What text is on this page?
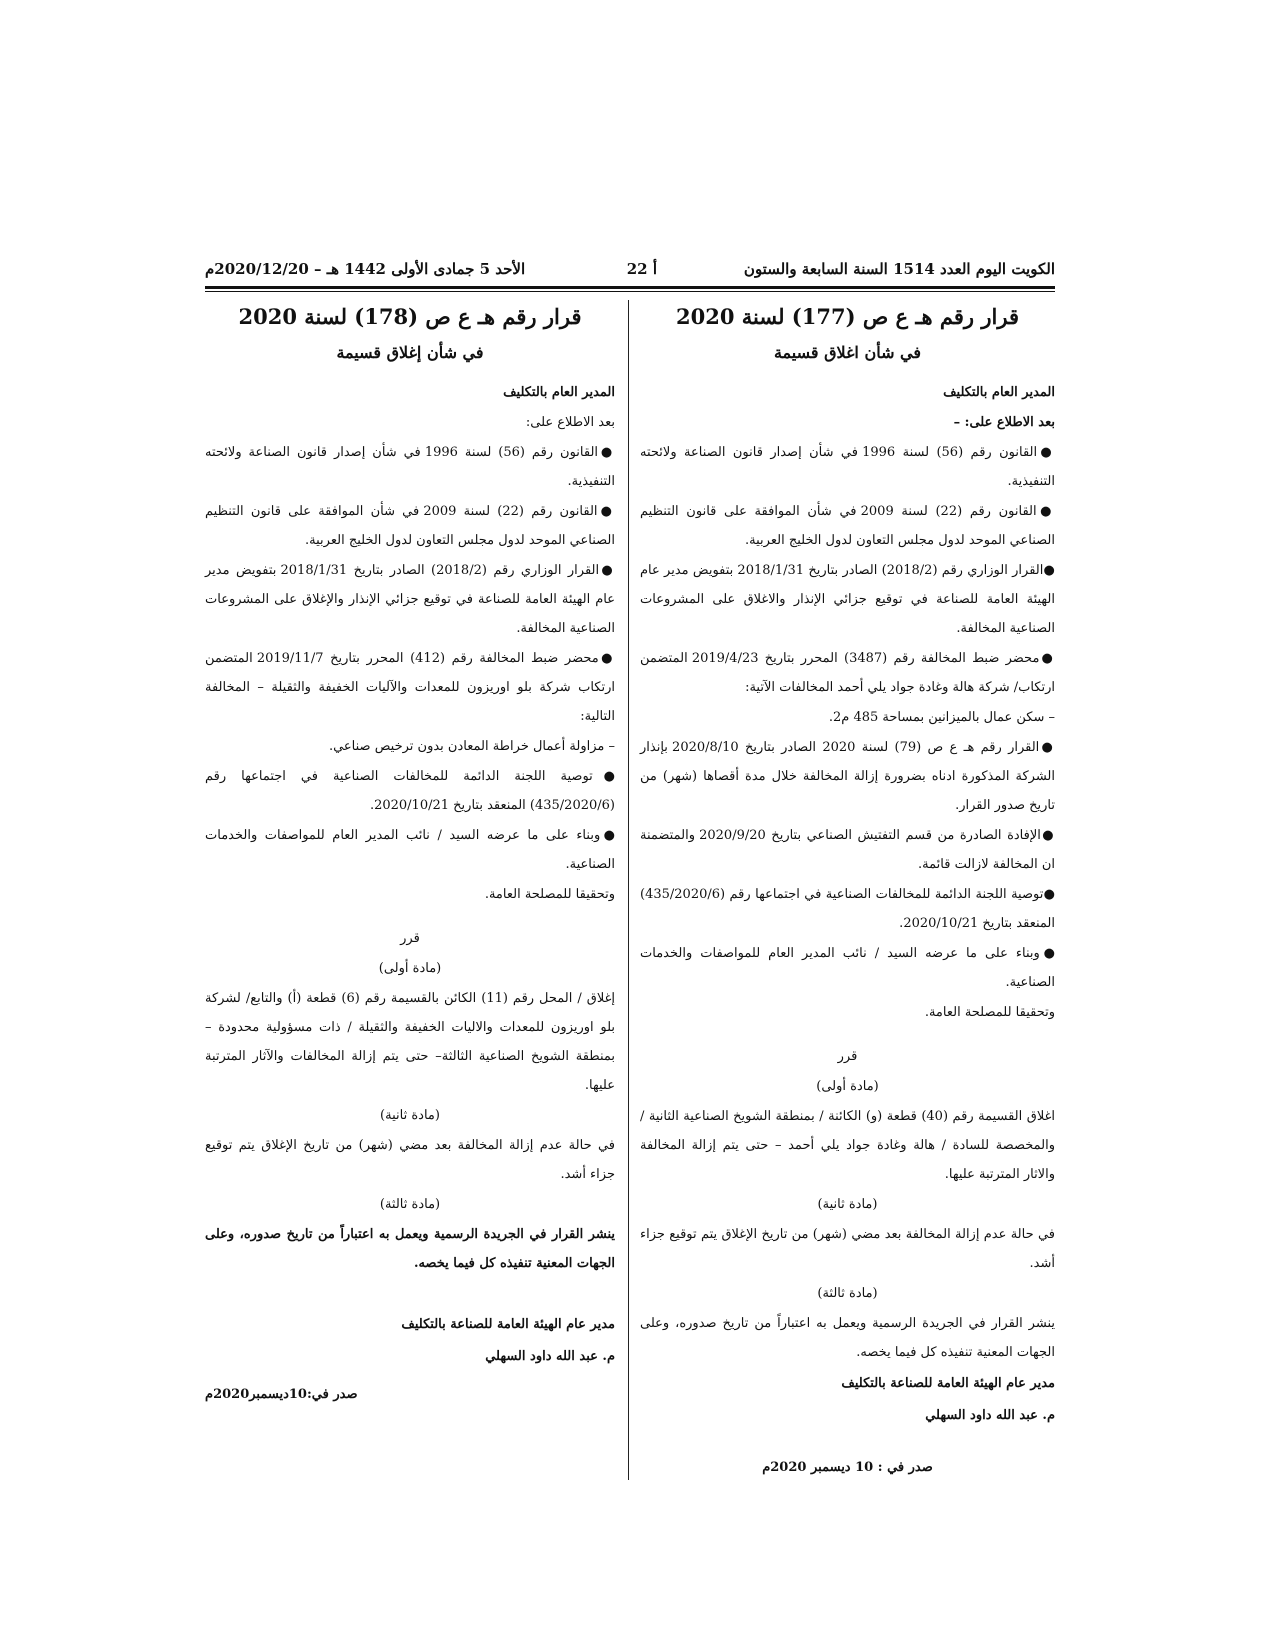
الكويت اليوم العدد 1514 السنة السابعة والستون
أ 22
الأحد 5 جمادى الأولى 1442 هـ – 2020/12/20م
قرار رقم هـ ع ص (177) لسنة 2020
في شأن اغلاق قسيمة
المدير العام بالتكليف
بعد الاطلاع على: –
●القانون رقم (56) لسنة 1996 في شأن إصدار قانون الصناعة ولائحته التنفيذية.
●القانون رقم (22) لسنة 2009 في شأن الموافقة على قانون التنظيم الصناعي الموحد لدول مجلس التعاون لدول الخليج العربية.
●القرار الوزاري رقم (2018/2) الصادر بتاريخ 2018/1/31 بتفويض مدير عام الهيئة العامة للصناعة في توقيع جزائي الإنذار والاغلاق على المشروعات الصناعية المخالفة.
●محضر ضبط المخالفة رقم (3487) المحرر بتاريخ 2019/4/23 المتضمن ارتكاب/ شركة هالة وغادة جواد يلي أحمد المخالفات الآتية:
– سكن عمال بالميزانين بمساحة 485 م2.
●القرار رقم هـ ع ص (79) لسنة 2020 الصادر بتاريخ 2020/8/10 بإنذار الشركة المذكورة ادناه بضرورة إزالة المخالفة خلال مدة أقصاها (شهر) من تاريخ صدور القرار.
●الإفادة الصادرة من قسم التفتيش الصناعي بتاريخ 2020/9/20 والمتضمنة ان المخالفة لازالت قائمة.
●توصية اللجنة الدائمة للمخالفات الصناعية في اجتماعها رقم (435/2020/6) المنعقد بتاريخ 2020/10/21.
●وبناء على ما عرضه السيد / نائب المدير العام للمواصفات والخدمات الصناعية.
وتحقيقا للمصلحة العامة.
قرر
(مادة أولى)
اغلاق القسيمة رقم (40) قطعة (و) الكائنة / بمنطقة الشويخ الصناعية الثانية / والمخصصة للسادة / هالة وغادة جواد يلي أحمد – حتى يتم إزالة المخالفة والاثار المترتبة عليها.
(مادة ثانية)
في حالة عدم إزالة المخالفة بعد مضي (شهر) من تاريخ الإغلاق يتم توقيع جزاء أشد.
(مادة ثالثة)
ينشر القرار في الجريدة الرسمية ويعمل به اعتباراً من تاريخ صدوره، وعلى الجهات المعنية تنفيذه كل فيما يخصه.
مدير عام الهيئة العامة للصناعة بالتكليف
م. عبد الله داود السهلي
صدر في : 10 ديسمبر 2020م
قرار رقم هـ ع ص (178) لسنة 2020
في شأن إغلاق قسيمة
المدير العام بالتكليف
بعد الاطلاع على:
●القانون رقم (56) لسنة 1996 في شأن إصدار قانون الصناعة ولائحته التنفيذية.
●القانون رقم (22) لسنة 2009 في شأن الموافقة على قانون التنظيم الصناعي الموحد لدول مجلس التعاون لدول الخليج العربية.
●القرار الوزاري رقم (2018/2) الصادر بتاريخ 2018/1/31 بتفويض مدير عام الهيئة العامة للصناعة في توقيع جزائي الإنذار والإغلاق على المشروعات الصناعية المخالفة.
●محضر ضبط المخالفة رقم (412) المحرر بتاريخ 2019/11/7 المتضمن ارتكاب شركة بلو اوريزون للمعدات والآليات الخفيفة والثقيلة – المخالفة التالية:
– مزاولة أعمال خراطة المعادن بدون ترخيص صناعي.
●توصية اللجنة الدائمة للمخالفات الصناعية في اجتماعها رقم (435/2020/6) المنعقد بتاريخ 2020/10/21.
●وبناء على ما عرضه السيد / نائب المدير العام للمواصفات والخدمات الصناعية.
وتحقيقا للمصلحة العامة.
قرر
(مادة أولى)
إغلاق / المحل رقم (11) الكائن بالقسيمة رقم (6) قطعة (أ) والتابع/ لشركة بلو اوريزون للمعدات والاليات الخفيفة والثقيلة / ذات مسؤولية محدودة – بمنطقة الشويخ الصناعية الثالثة– حتى يتم إزالة المخالفات والآثار المترتبة عليها.
(مادة ثانية)
في حالة عدم إزالة المخالفة بعد مضي (شهر) من تاريخ الإغلاق يتم توقيع جزاء أشد.
(مادة ثالثة)
ينشر القرار في الجريدة الرسمية ويعمل به اعتباراً من تاريخ صدوره، وعلى الجهات المعنية تنفيذه كل فيما يخصه.
مدير عام الهيئة العامة للصناعة بالتكليف
م. عبد الله داود السهلي
صدر في:10ديسمبر2020م
